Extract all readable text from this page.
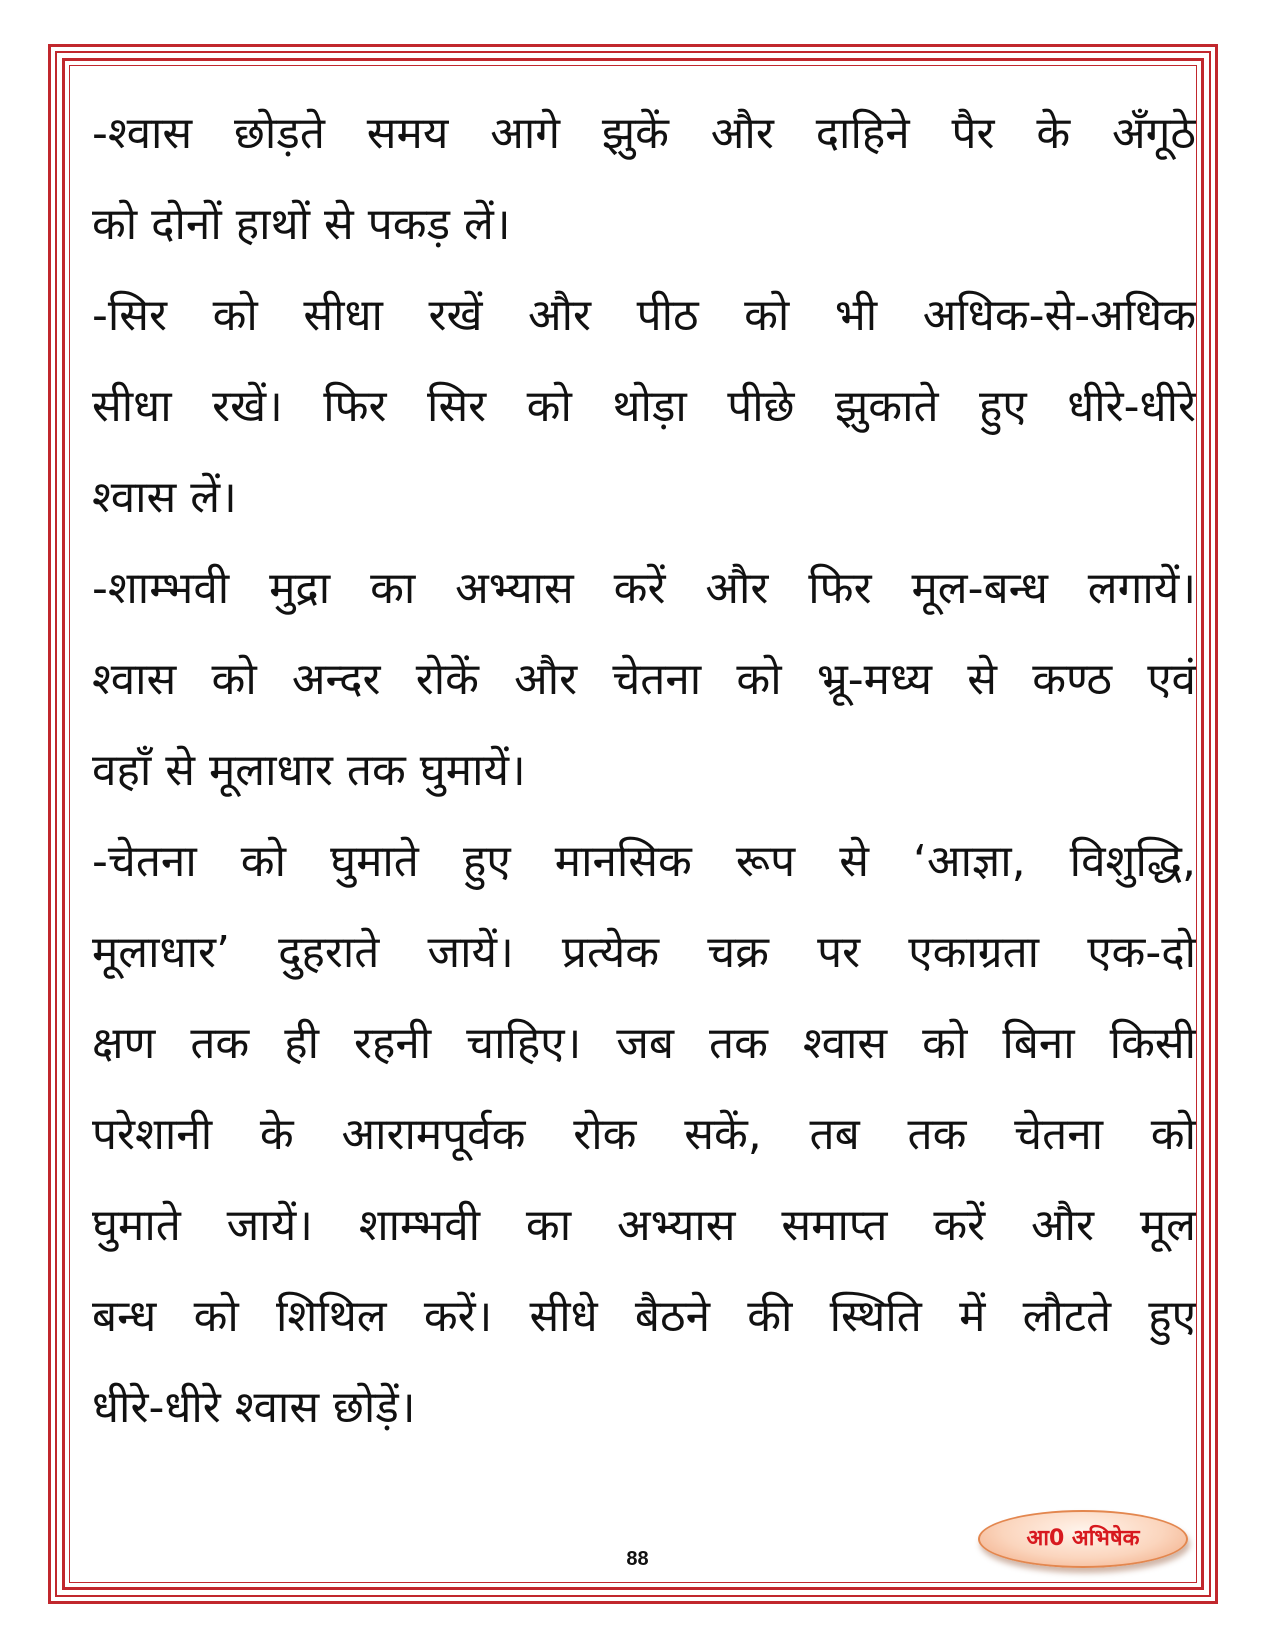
-श्वास छोड़ते समय आगे झुकें और दाहिने पैर के अँगूठे
को दोनों हाथों से पकड़ लें।
-सिर को सीधा रखें और पीठ को भी अधिक-से-अधिक
सीधा रखें। फिर सिर को थोड़ा पीछे झुकाते हुए धीरे-धीरे
श्वास लें।
-शाम्भवी मुद्रा का अभ्यास करें और फिर मूल-बन्ध लगायें।
श्वास को अन्दर रोकें और चेतना को भ्रू-मध्य से कण्ठ एवं
वहाँ से मूलाधार तक घुमायें।
-चेतना को घुमाते हुए मानसिक रूप से ‘आज्ञा, विशुद्धि,
मूलाधार’ दुहराते जायें। प्रत्येक चक्र पर एकाग्रता एक-दो
क्षण तक ही रहनी चाहिए। जब तक श्वास को बिना किसी
परेशानी के आरामपूर्वक रोक सकें, तब तक चेतना को
घुमाते जायें। शाम्भवी का अभ्यास समाप्त करें और मूल
बन्ध को शिथिल करें। सीधे बैठने की स्थिति में लौटते हुए
धीरे-धीरे श्वास छोड़ें।
88
आ0 अभिषेक
